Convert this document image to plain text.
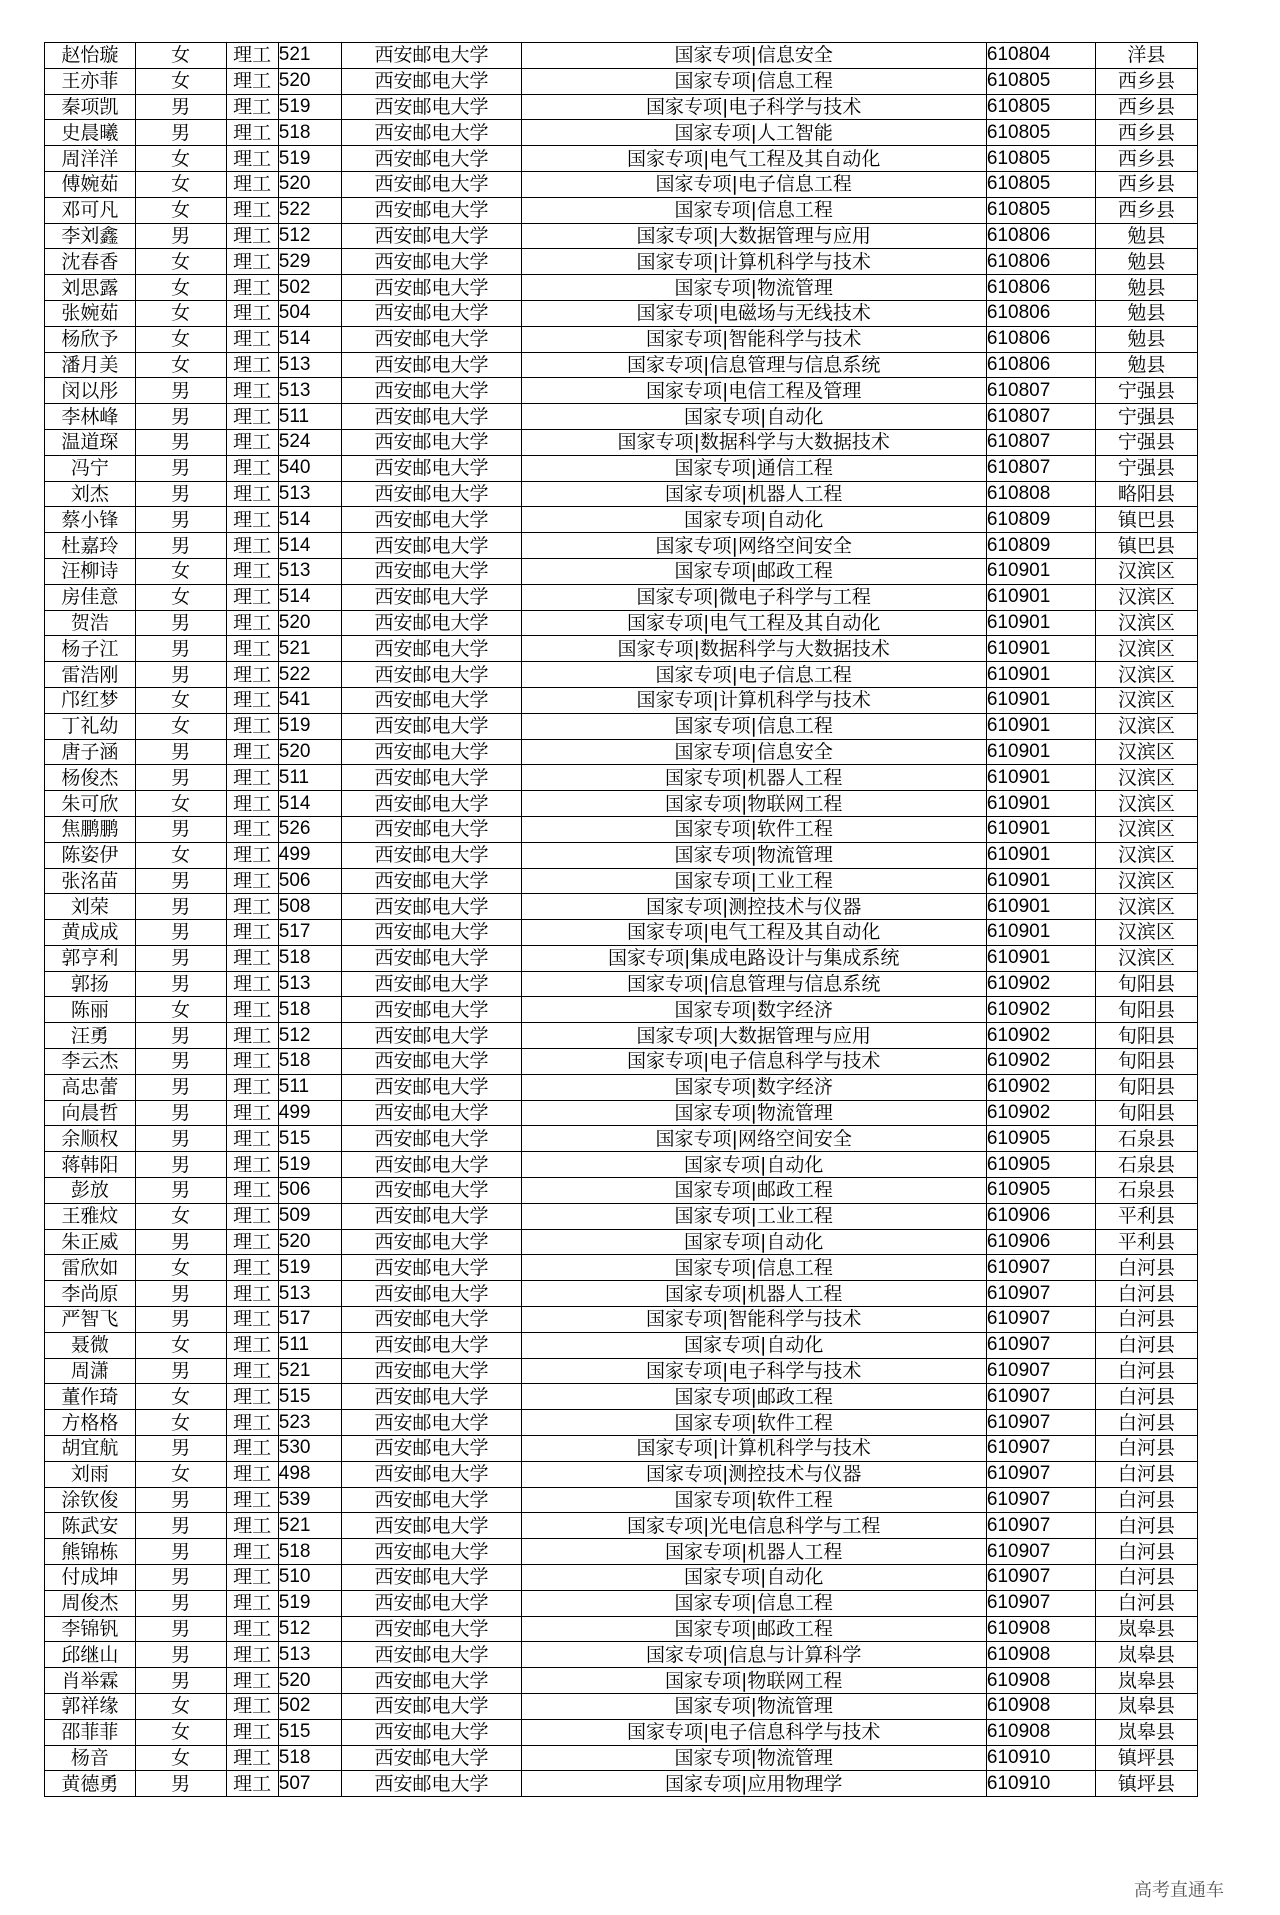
赵怡璇	女	理工	521	西安邮电大学	国家专项|信息安全	610804	洋县
王亦菲	女	理工	520	西安邮电大学	国家专项|信息工程	610805	西乡县
秦项凯	男	理工	519	西安邮电大学	国家专项|电子科学与技术	610805	西乡县
史晨曦	男	理工	518	西安邮电大学	国家专项|人工智能	610805	西乡县
周洋洋	女	理工	519	西安邮电大学	国家专项|电气工程及其自动化	610805	西乡县
傅婉茹	女	理工	520	西安邮电大学	国家专项|电子信息工程	610805	西乡县
邓可凡	女	理工	522	西安邮电大学	国家专项|信息工程	610805	西乡县
李刘鑫	男	理工	512	西安邮电大学	国家专项|大数据管理与应用	610806	勉县
沈春香	女	理工	529	西安邮电大学	国家专项|计算机科学与技术	610806	勉县
刘思露	女	理工	502	西安邮电大学	国家专项|物流管理	610806	勉县
张婉茹	女	理工	504	西安邮电大学	国家专项|电磁场与无线技术	610806	勉县
杨欣予	女	理工	514	西安邮电大学	国家专项|智能科学与技术	610806	勉县
潘月美	女	理工	513	西安邮电大学	国家专项|信息管理与信息系统	610806	勉县
闵以彤	男	理工	513	西安邮电大学	国家专项|电信工程及管理	610807	宁强县
李林峰	男	理工	511	西安邮电大学	国家专项|自动化	610807	宁强县
温道琛	男	理工	524	西安邮电大学	国家专项|数据科学与大数据技术	610807	宁强县
冯宁	男	理工	540	西安邮电大学	国家专项|通信工程	610807	宁强县
刘杰	男	理工	513	西安邮电大学	国家专项|机器人工程	610808	略阳县
蔡小锋	男	理工	514	西安邮电大学	国家专项|自动化	610809	镇巴县
杜嘉玲	男	理工	514	西安邮电大学	国家专项|网络空间安全	610809	镇巴县
汪柳诗	女	理工	513	西安邮电大学	国家专项|邮政工程	610901	汉滨区
房佳意	女	理工	514	西安邮电大学	国家专项|微电子科学与工程	610901	汉滨区
贺浩	男	理工	520	西安邮电大学	国家专项|电气工程及其自动化	610901	汉滨区
杨子江	男	理工	521	西安邮电大学	国家专项|数据科学与大数据技术	610901	汉滨区
雷浩刚	男	理工	522	西安邮电大学	国家专项|电子信息工程	610901	汉滨区
邝红梦	女	理工	541	西安邮电大学	国家专项|计算机科学与技术	610901	汉滨区
丁礼幼	女	理工	519	西安邮电大学	国家专项|信息工程	610901	汉滨区
唐子涵	男	理工	520	西安邮电大学	国家专项|信息安全	610901	汉滨区
杨俊杰	男	理工	511	西安邮电大学	国家专项|机器人工程	610901	汉滨区
朱可欣	女	理工	514	西安邮电大学	国家专项|物联网工程	610901	汉滨区
焦鹏鹏	男	理工	526	西安邮电大学	国家专项|软件工程	610901	汉滨区
陈姿伊	女	理工	499	西安邮电大学	国家专项|物流管理	610901	汉滨区
张洺苗	男	理工	506	西安邮电大学	国家专项|工业工程	610901	汉滨区
刘荣	男	理工	508	西安邮电大学	国家专项|测控技术与仪器	610901	汉滨区
黄成成	男	理工	517	西安邮电大学	国家专项|电气工程及其自动化	610901	汉滨区
郭亨利	男	理工	518	西安邮电大学	国家专项|集成电路设计与集成系统	610901	汉滨区
郭扬	男	理工	513	西安邮电大学	国家专项|信息管理与信息系统	610902	旬阳县
陈丽	女	理工	518	西安邮电大学	国家专项|数字经济	610902	旬阳县
汪勇	男	理工	512	西安邮电大学	国家专项|大数据管理与应用	610902	旬阳县
李云杰	男	理工	518	西安邮电大学	国家专项|电子信息科学与技术	610902	旬阳县
高忠蕾	男	理工	511	西安邮电大学	国家专项|数字经济	610902	旬阳县
向晨哲	男	理工	499	西安邮电大学	国家专项|物流管理	610902	旬阳县
余顺权	男	理工	515	西安邮电大学	国家专项|网络空间安全	610905	石泉县
蒋韩阳	男	理工	519	西安邮电大学	国家专项|自动化	610905	石泉县
彭放	男	理工	506	西安邮电大学	国家专项|邮政工程	610905	石泉县
王雅炆	女	理工	509	西安邮电大学	国家专项|工业工程	610906	平利县
朱正威	男	理工	520	西安邮电大学	国家专项|自动化	610906	平利县
雷欣如	女	理工	519	西安邮电大学	国家专项|信息工程	610907	白河县
李尚原	男	理工	513	西安邮电大学	国家专项|机器人工程	610907	白河县
严智飞	男	理工	517	西安邮电大学	国家专项|智能科学与技术	610907	白河县
聂微	女	理工	511	西安邮电大学	国家专项|自动化	610907	白河县
周潇	男	理工	521	西安邮电大学	国家专项|电子科学与技术	610907	白河县
董作琦	女	理工	515	西安邮电大学	国家专项|邮政工程	610907	白河县
方格格	女	理工	523	西安邮电大学	国家专项|软件工程	610907	白河县
胡宜航	男	理工	530	西安邮电大学	国家专项|计算机科学与技术	610907	白河县
刘雨	女	理工	498	西安邮电大学	国家专项|测控技术与仪器	610907	白河县
涂钦俊	男	理工	539	西安邮电大学	国家专项|软件工程	610907	白河县
陈武安	男	理工	521	西安邮电大学	国家专项|光电信息科学与工程	610907	白河县
熊锦栋	男	理工	518	西安邮电大学	国家专项|机器人工程	610907	白河县
付成坤	男	理工	510	西安邮电大学	国家专项|自动化	610907	白河县
周俊杰	男	理工	519	西安邮电大学	国家专项|信息工程	610907	白河县
李锦钒	男	理工	512	西安邮电大学	国家专项|邮政工程	610908	岚皋县
邱继山	男	理工	513	西安邮电大学	国家专项|信息与计算科学	610908	岚皋县
肖举霖	男	理工	520	西安邮电大学	国家专项|物联网工程	610908	岚皋县
郭祥缘	女	理工	502	西安邮电大学	国家专项|物流管理	610908	岚皋县
邵菲菲	女	理工	515	西安邮电大学	国家专项|电子信息科学与技术	610908	岚皋县
杨音	女	理工	518	西安邮电大学	国家专项|物流管理	610910	镇坪县
黄德勇	男	理工	507	西安邮电大学	国家专项|应用物理学	610910	镇坪县
高考直通车
